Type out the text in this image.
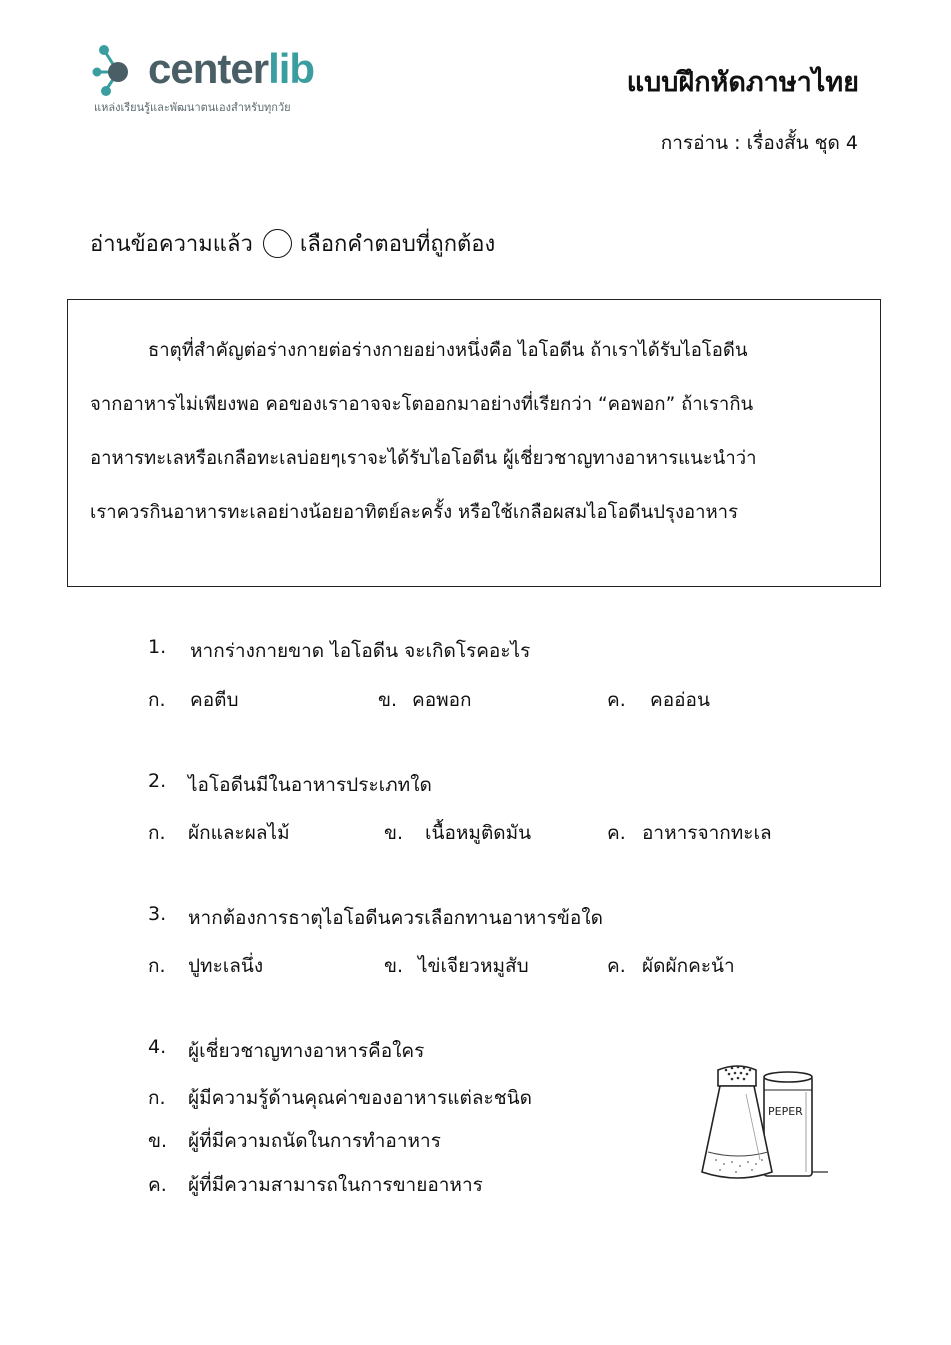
centerlib
แหล่งเรียนรู้และพัฒนาตนเองสำหรับทุกวัย
แบบฝึกหัดภาษาไทย
การอ่าน : เรื่องสั้น ชุด 4
อ่านข้อความแล้ว เลือกคำตอบที่ถูกต้อง
ธาตุที่สำคัญต่อร่างกายต่อร่างกายอย่างหนึ่งคือ ไอโอดีน ถ้าเราได้รับไอโอดีน
จากอาหารไม่เพียงพอ คอของเราอาจจะโตออกมาอย่างที่เรียกว่า “คอพอก” ถ้าเรากิน
อาหารทะเลหรือเกลือทะเลบ่อยๆเราจะได้รับไอโอดีน ผู้เชี่ยวชาญทางอาหารแนะนำว่า
เราควรกินอาหารทะเลอย่างน้อยอาทิตย์ละครั้ง หรือใช้เกลือผสมไอโอดีนปรุงอาหาร
1. หากร่างกายขาด ไอโอดีน จะเกิดโรคอะไร
ก. คอตีบ	ข. คอพอก	ค. คออ่อน
2. ไอโอดีนมีในอาหารประเภทใด
ก. ผักและผลไม้	ข. เนื้อหมูติดมัน	ค. อาหารจากทะเล
3. หากต้องการธาตุไอโอดีนควรเลือกทานอาหารข้อใด
ก. ปูทะเลนึ่ง	ข. ไข่เจียวหมูสับ	ค. ผัดผักคะน้า
4. ผู้เชี่ยวชาญทางอาหารคือใคร
ก. ผู้มีความรู้ด้านคุณค่าของอาหารแต่ละชนิด
ข. ผู้ที่มีความถนัดในการทำอาหาร
ค. ผู้ที่มีความสามารถในการขายอาหาร
PEPER
